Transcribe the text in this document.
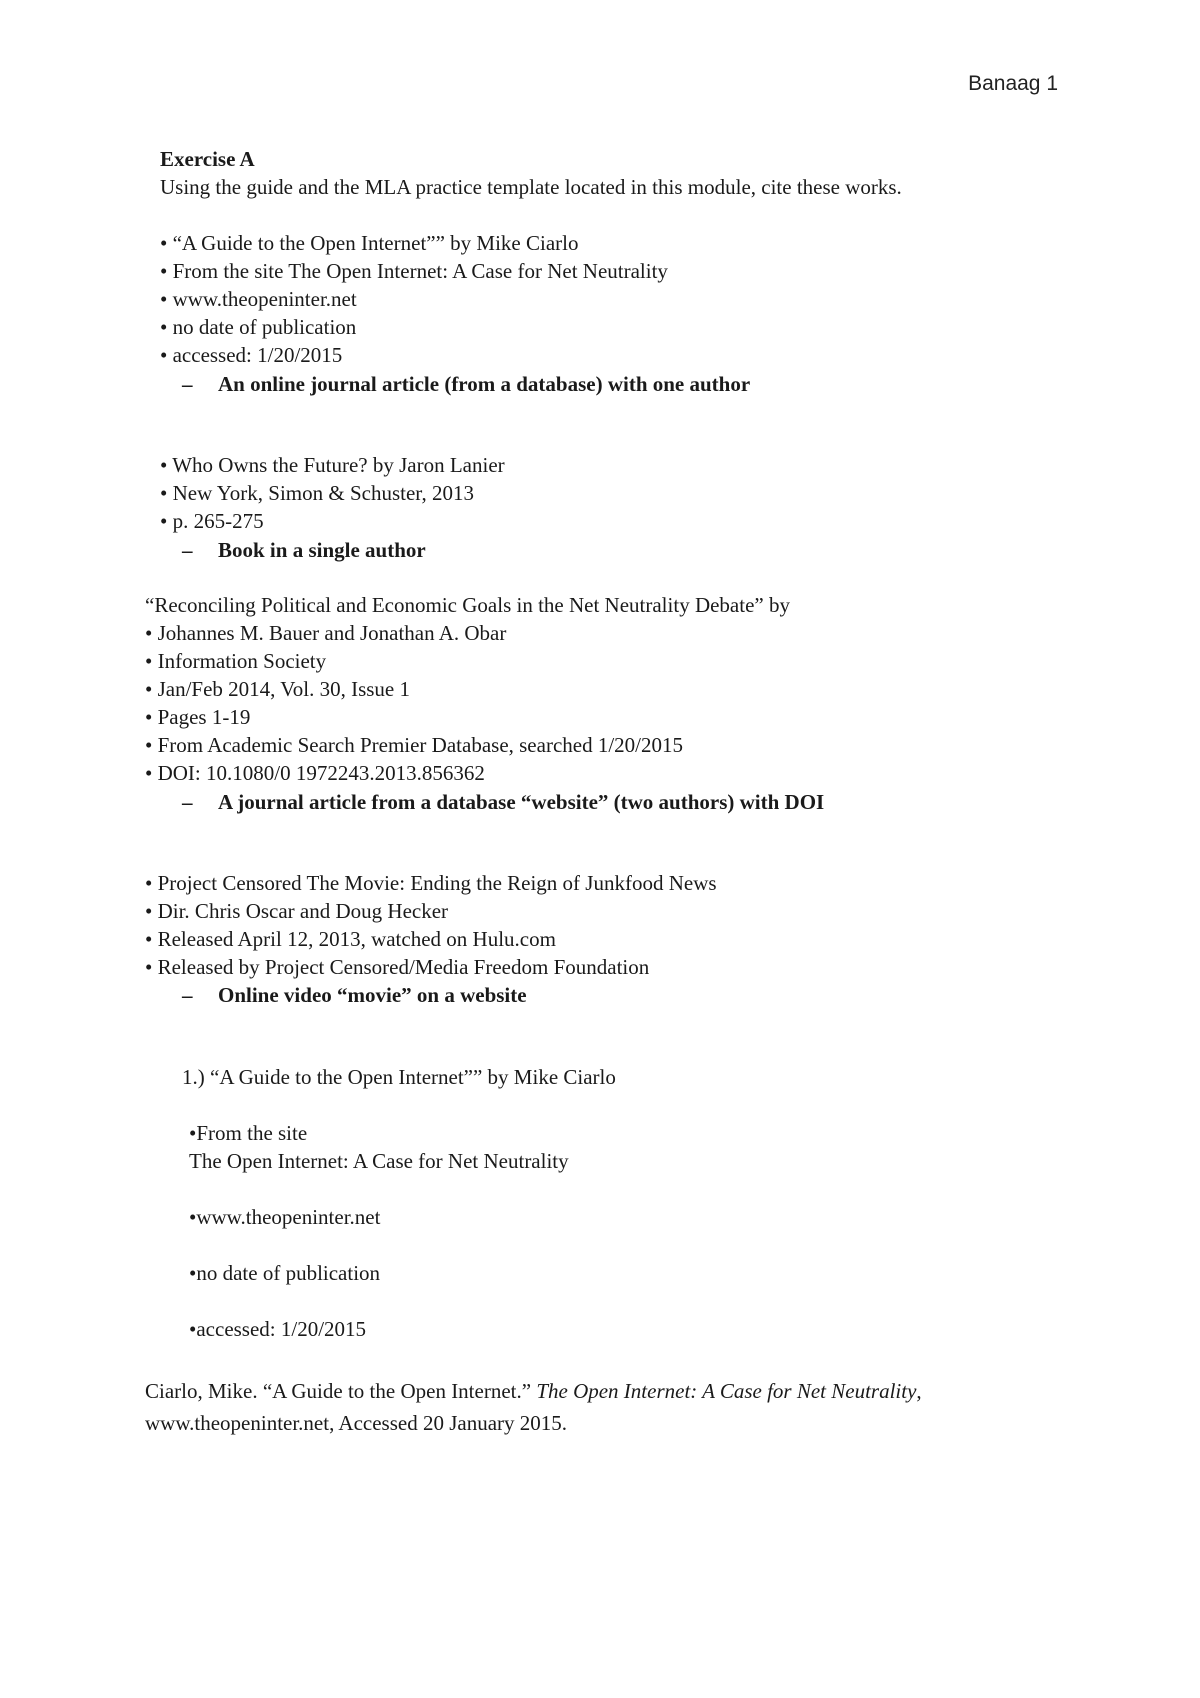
Banaag 1
Exercise A
Using the guide and the MLA practice template located in this module, cite these works.
• “A Guide to the Open Internet”” by Mike Ciarlo
• From the site The Open Internet: A Case for Net Neutrality
• www.theopeninter.net
• no date of publication
• accessed: 1/20/2015
– An online journal article (from a database) with one author
• Who Owns the Future? by Jaron Lanier
• New York, Simon & Schuster, 2013
• p. 265-275
– Book in a single author
“Reconciling Political and Economic Goals in the Net Neutrality Debate” by
• Johannes M. Bauer and Jonathan A. Obar
• Information Society
• Jan/Feb 2014, Vol. 30, Issue 1
• Pages 1-19
• From Academic Search Premier Database, searched 1/20/2015
• DOI: 10.1080/0 1972243.2013.856362
– A journal article from a database “website” (two authors) with DOI
• Project Censored The Movie: Ending the Reign of Junkfood News
• Dir. Chris Oscar and Doug Hecker
• Released April 12, 2013, watched on Hulu.com
• Released by Project Censored/Media Freedom Foundation
– Online video “movie” on a website
1.) “A Guide to the Open Internet”” by Mike Ciarlo
•From the site
The Open Internet: A Case for Net Neutrality
•www.theopeninter.net
•no date of publication
•accessed: 1/20/2015
Ciarlo, Mike. “A Guide to the Open Internet.” The Open Internet: A Case for Net Neutrality,
www.theopeninter.net, Accessed 20 January 2015.
